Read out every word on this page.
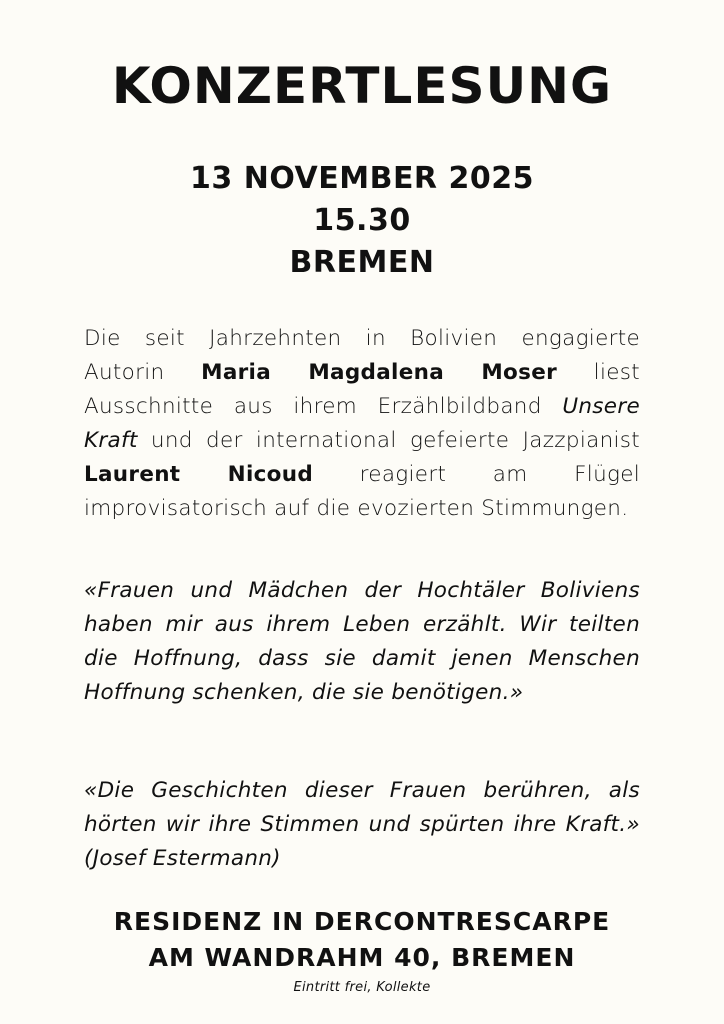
KONZERTLESUNG
13 NOVEMBER 2025
15.30
BREMEN
Die seit Jahrzehnten in Bolivien engagierte Autorin Maria Magdalena Moser liest Ausschnitte aus ihrem Erzählbildband Unsere Kraft und der international gefeierte Jazzpianist Laurent Nicoud reagiert am Flügel improvisatorisch auf die evozierten Stimmungen.
«Frauen und Mädchen der Hochtäler Boliviens haben mir aus ihrem Leben erzählt. Wir teilten die Hoffnung, dass sie damit jenen Menschen Hoffnung schenken, die sie benötigen.»
«Die Geschichten dieser Frauen berühren, als hörten wir ihre Stimmen und spürten ihre Kraft.» (Josef Estermann)
RESIDENZ IN DERCONTRESCARPE
AM WANDRAHM 40, BREMEN
Eintritt frei, Kollekte
